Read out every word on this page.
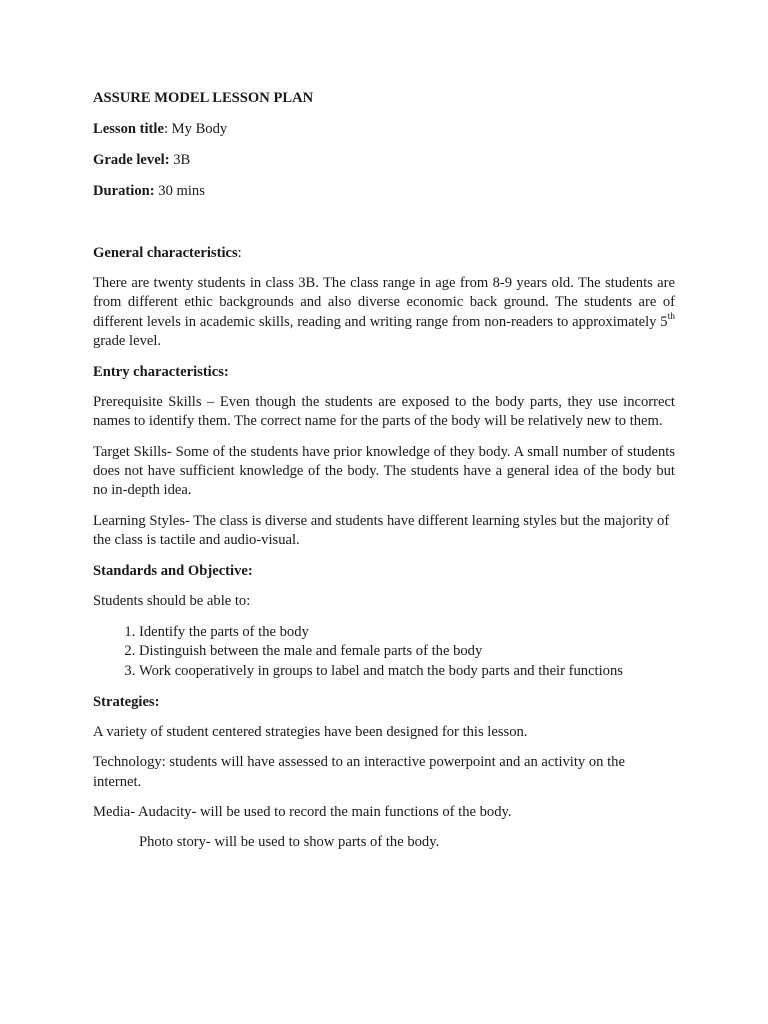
ASSURE MODEL LESSON PLAN

Lesson title: My Body

Grade level: 3B

Duration: 30 mins

General characteristics:

There are twenty students in class 3B. The class range in age from 8-9 years old. The students are from different ethic backgrounds and also diverse economic back ground. The students are of different levels in academic skills, reading and writing range from non-readers to approximately 5th grade level.

Entry characteristics:

Prerequisite Skills – Even though the students are exposed to the body parts, they use incorrect names to identify them. The correct name for the parts of the body will be relatively new to them.

Target Skills- Some of the students have prior knowledge of they body. A small number of students does not have sufficient knowledge of the body. The students have a general idea of the body but no in-depth idea.

Learning Styles- The class is diverse and students have different learning styles but the majority of the class is tactile and audio-visual.

Standards and Objective:

Students should be able to:

1. Identify the parts of the body
2. Distinguish between the male and female parts of the body
3. Work cooperatively in groups to label and match the body parts and their functions

Strategies:

A variety of student centered strategies have been designed for this lesson.

Technology: students will have assessed to an interactive powerpoint and an activity on the internet.

Media- Audacity- will be used to record the main functions of the body.

Photo story- will be used to show parts of the body.
